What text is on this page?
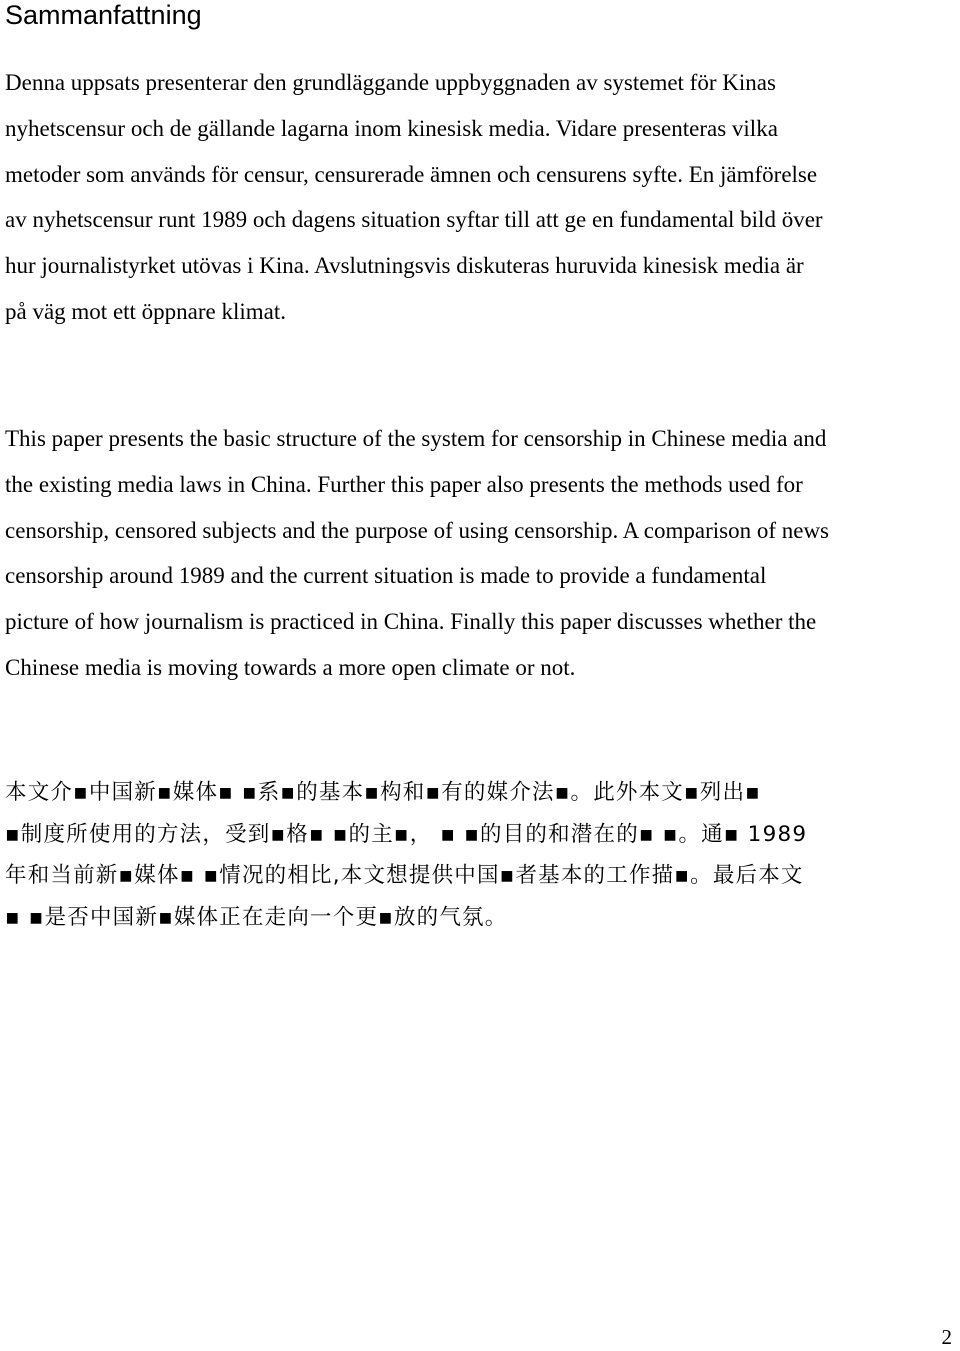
Sammanfattning

Denna uppsats presenterar den grundläggande uppbyggnaden av systemet för Kinas
nyhetscensur och de gällande lagarna inom kinesisk media. Vidare presenteras vilka
metoder som används för censur, censurerade ämnen och censurens syfte. En jämförelse
av nyhetscensur runt 1989 och dagens situation syftar till att ge en fundamental bild över
hur journalistyrket utövas i Kina. Avslutningsvis diskuteras huruvida kinesisk media är
på väg mot ett öppnare klimat.

This paper presents the basic structure of the system for censorship in Chinese media and
the existing media laws in China. Further this paper also presents the methods used for
censorship, censored subjects and the purpose of using censorship. A comparison of news
censorship around 1989 and the current situation is made to provide a fundamental
picture of how journalism is practiced in China. Finally this paper discusses whether the
Chinese media is moving towards a more open climate or not.

本文介▪中国新▪媒体▪ ▪系▪的基本▪构和▪有的媒介法▪。此外本文▪列出▪
▪制度所使用的方法，受到▪格▪ ▪的主▪， ▪ ▪的目的和潜在的▪ ▪。通▪ 1989
年和当前新▪媒体▪ ▪情况的相比,本文想提供中国▪者基本的工作描▪。最后本文
▪ ▪是否中国新▪媒体正在走向一个更▪放的气氛。

2
